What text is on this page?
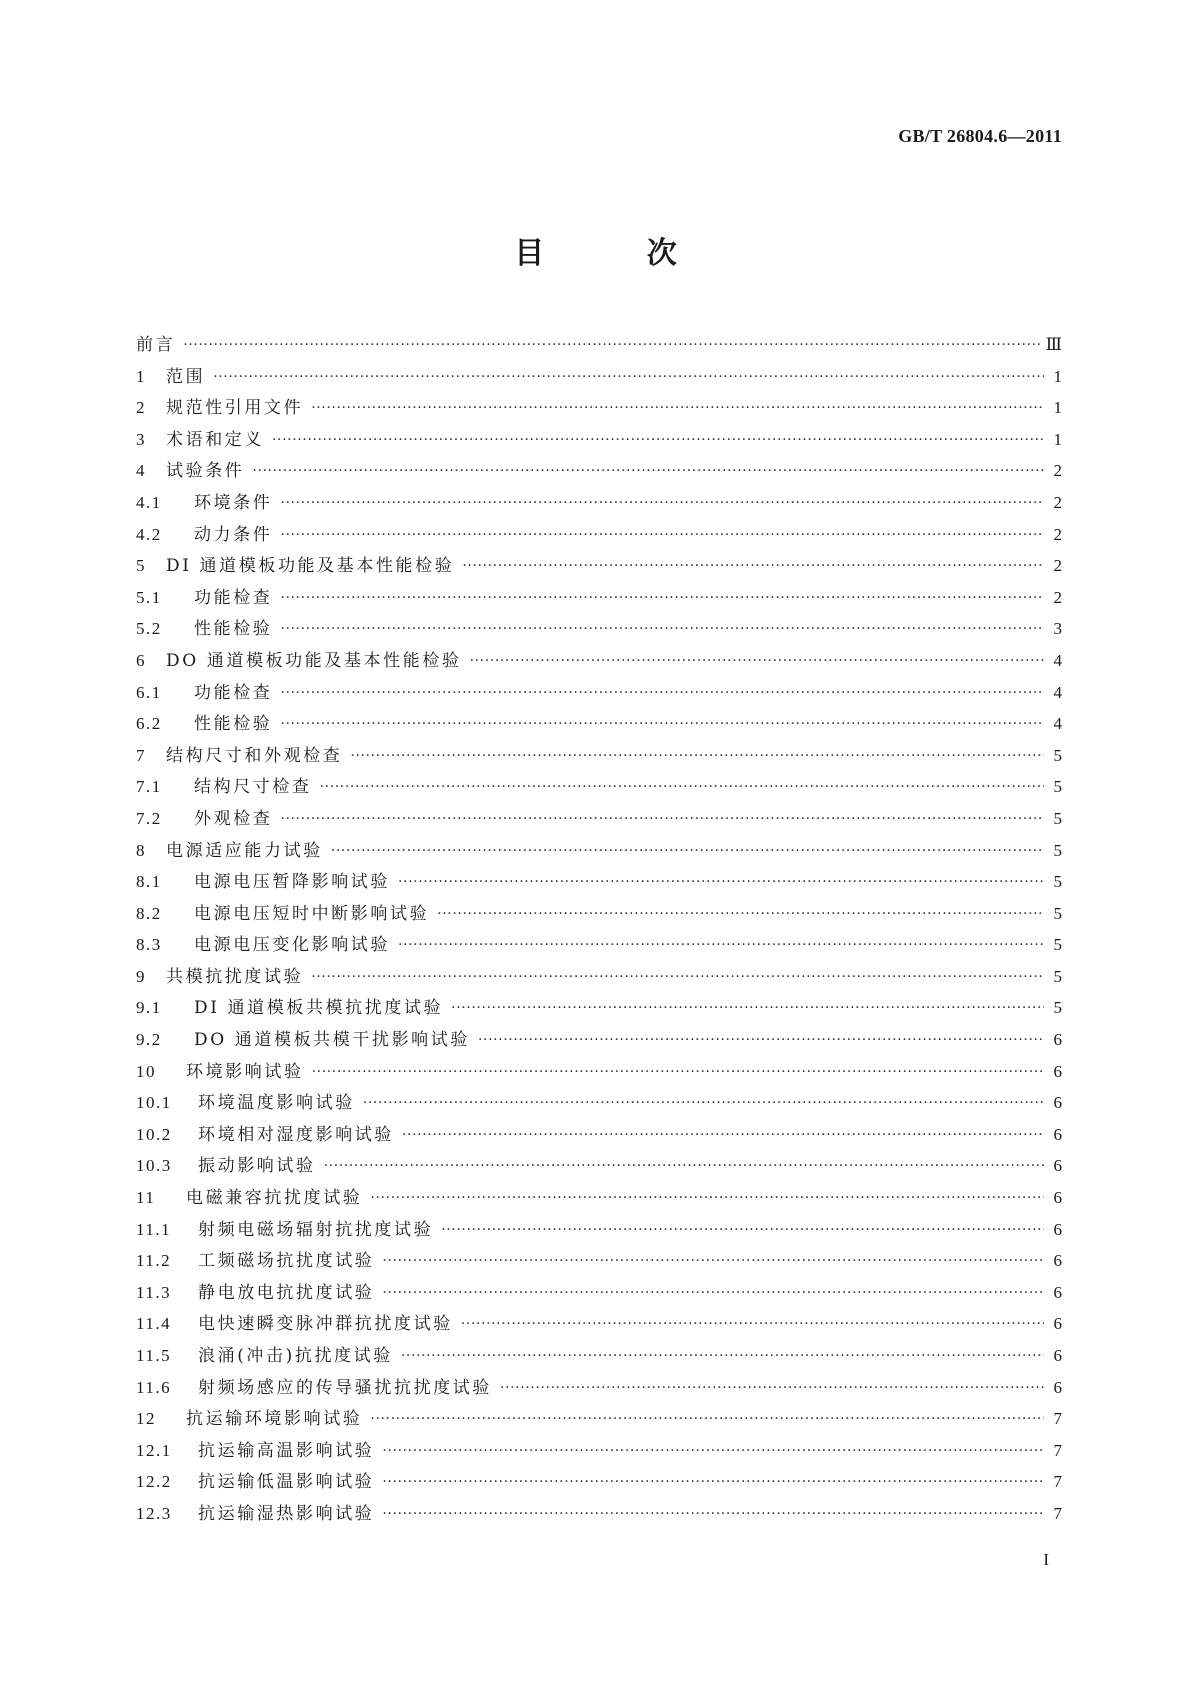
GB/T 26804.6—2011
目 次
前言 ·····	Ⅲ
1	范围 ·····	1
2	规范性引用文件 ·····	1
3	术语和定义 ·····	1
4	试验条件 ·····	2
4.1	环境条件 ·····	2
4.2	动力条件 ·····	2
5	DI 通道模板功能及基本性能检验 ·····	2
5.1	功能检查 ·····	2
5.2	性能检验 ·····	3
6	DO 通道模板功能及基本性能检验 ·····	4
6.1	功能检查 ·····	4
6.2	性能检验 ·····	4
7	结构尺寸和外观检查 ·····	5
7.1	结构尺寸检查 ·····	5
7.2	外观检查 ·····	5
8	电源适应能力试验 ·····	5
8.1	电源电压暂降影响试验 ·····	5
8.2	电源电压短时中断影响试验 ·····	5
8.3	电源电压变化影响试验 ·····	5
9	共模抗扰度试验 ·····	5
9.1	DI 通道模板共模抗扰度试验 ·····	5
9.2	DO 通道模板共模干扰影响试验 ·····	6
10	环境影响试验 ·····	6
10.1	环境温度影响试验 ·····	6
10.2	环境相对湿度影响试验 ·····	6
10.3	振动影响试验 ·····	6
11	电磁兼容抗扰度试验 ·····	6
11.1	射频电磁场辐射抗扰度试验 ·····	6
11.2	工频磁场抗扰度试验 ·····	6
11.3	静电放电抗扰度试验 ·····	6
11.4	电快速瞬变脉冲群抗扰度试验 ·····	6
11.5	浪涌(冲击)抗扰度试验 ·····	6
11.6	射频场感应的传导骚扰抗扰度试验 ·····	6
12	抗运输环境影响试验 ·····	7
12.1	抗运输高温影响试验 ·····	7
12.2	抗运输低温影响试验 ·····	7
12.3	抗运输湿热影响试验 ·····	7
I
